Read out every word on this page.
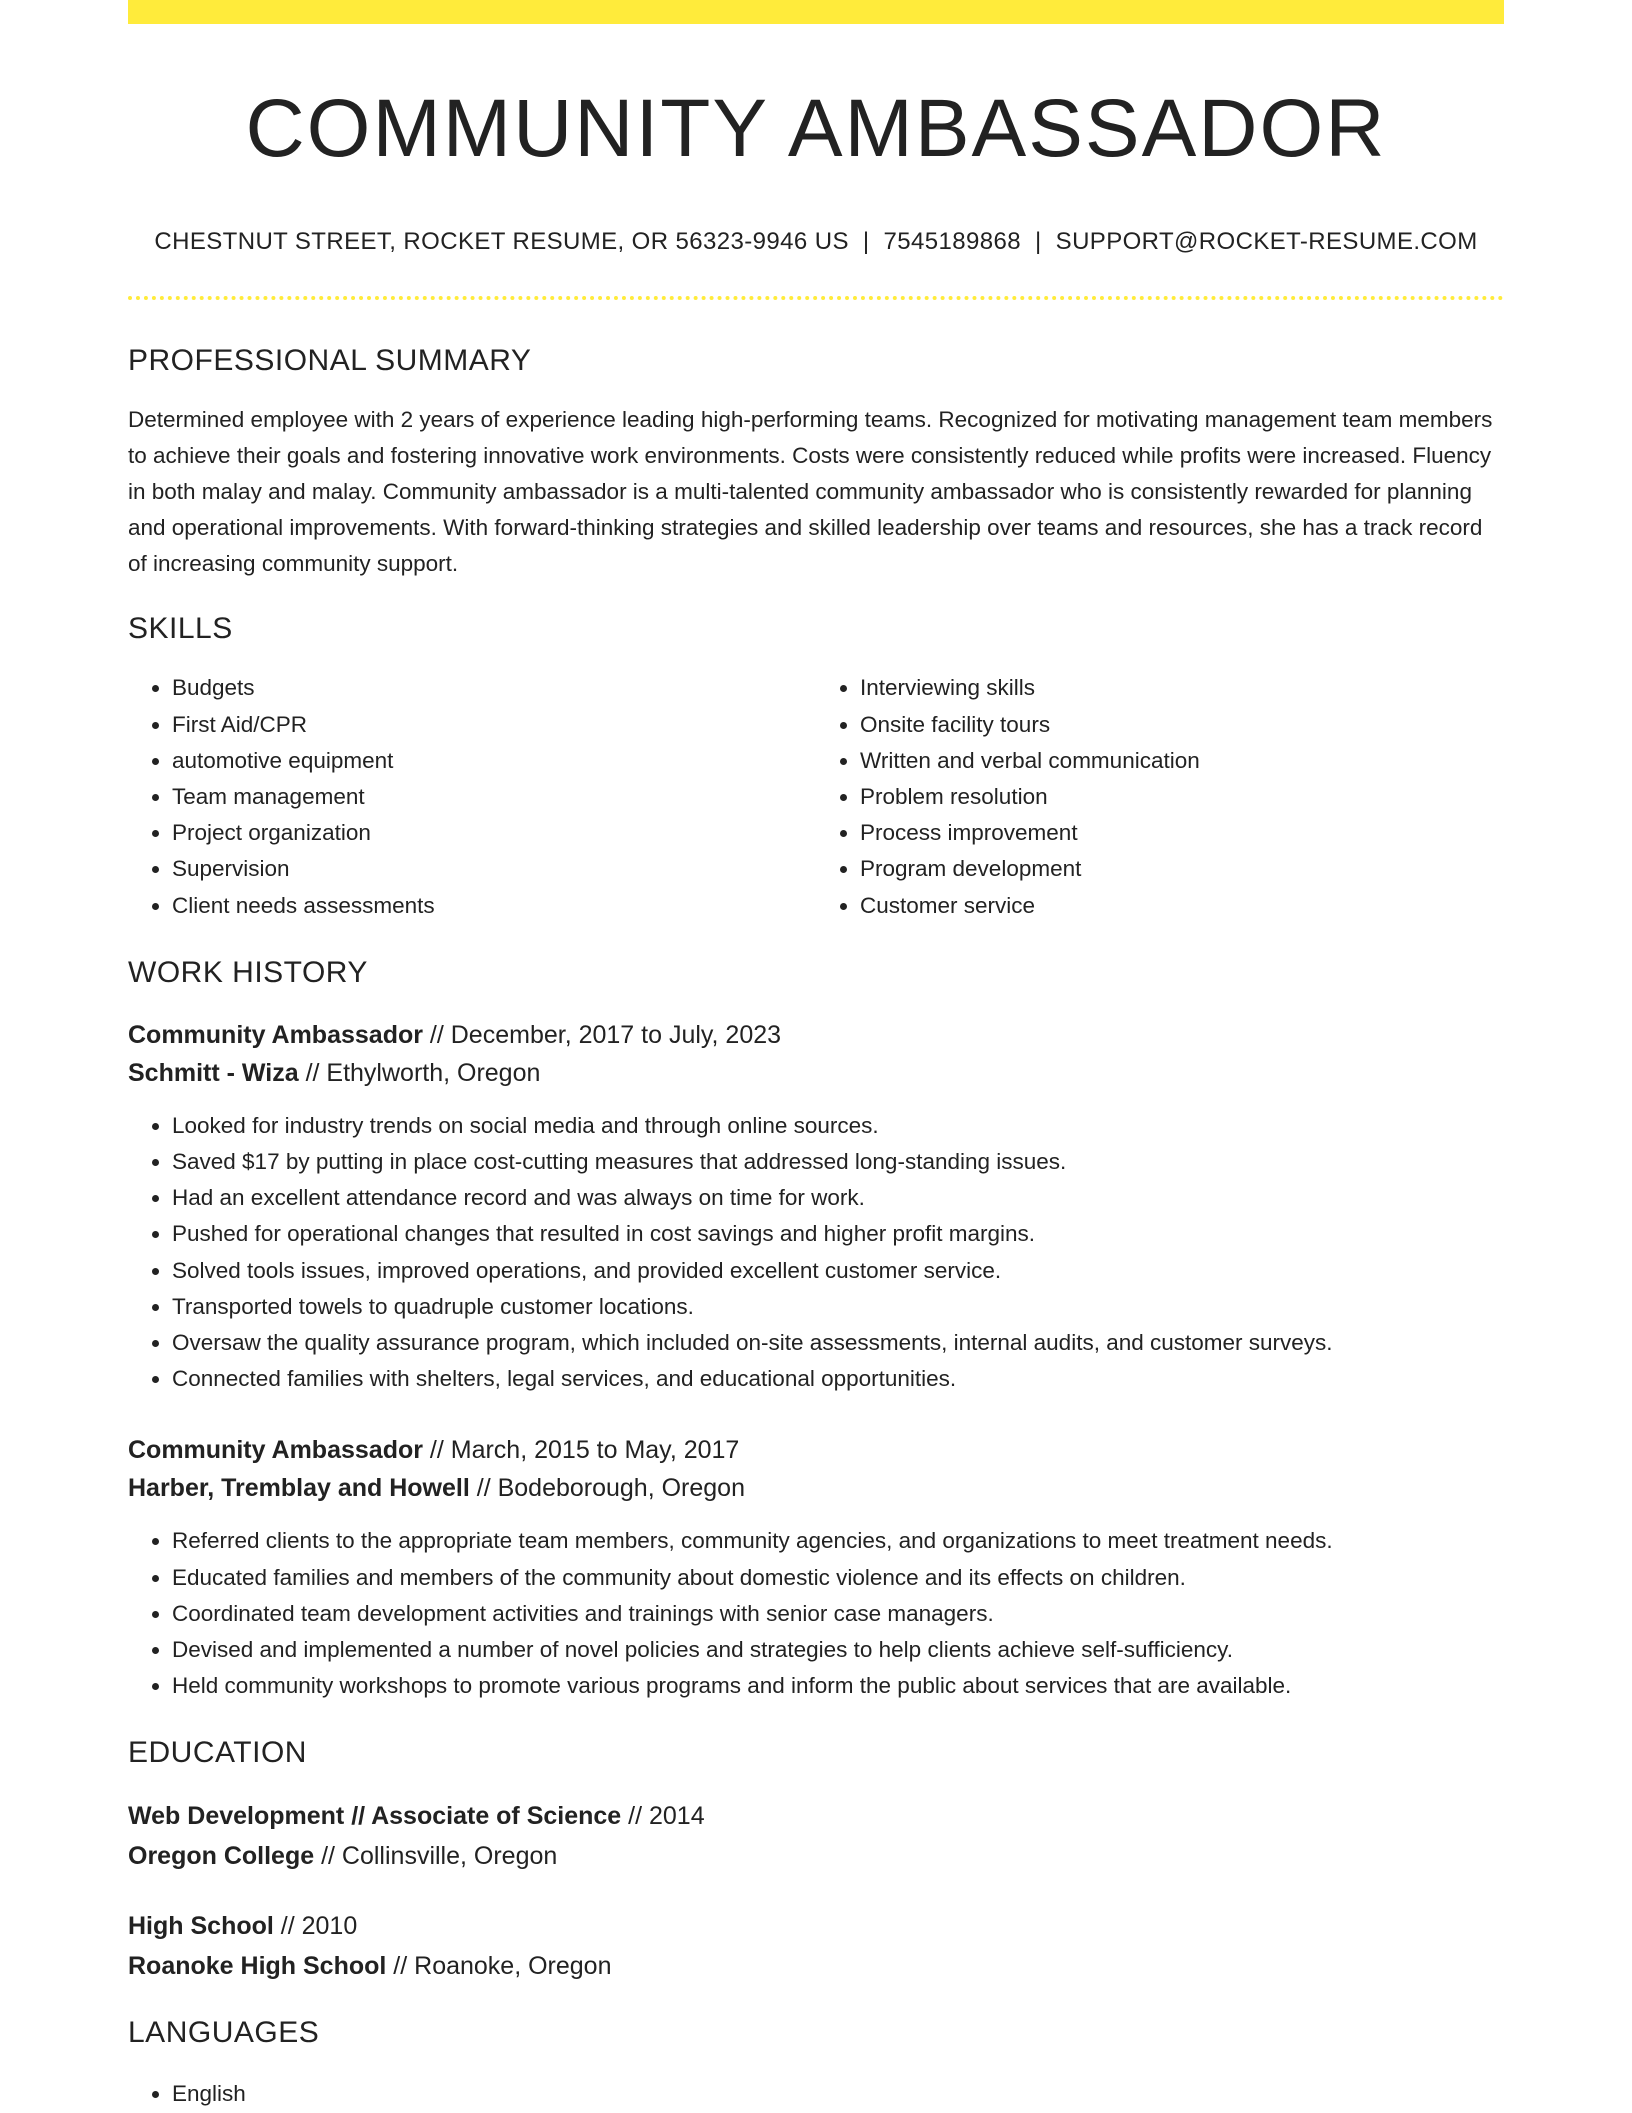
COMMUNITY AMBASSADOR
CHESTNUT STREET, ROCKET RESUME, OR 56323-9946 US | 7545189868 | SUPPORT@ROCKET-RESUME.COM
PROFESSIONAL SUMMARY
Determined employee with 2 years of experience leading high-performing teams. Recognized for motivating management team members to achieve their goals and fostering innovative work environments. Costs were consistently reduced while profits were increased. Fluency in both malay and malay. Community ambassador is a multi-talented community ambassador who is consistently rewarded for planning and operational improvements. With forward-thinking strategies and skilled leadership over teams and resources, she has a track record of increasing community support.
SKILLS
• Budgets
• First Aid/CPR
• automotive equipment
• Team management
• Project organization
• Supervision
• Client needs assessments
• Interviewing skills
• Onsite facility tours
• Written and verbal communication
• Problem resolution
• Process improvement
• Program development
• Customer service
WORK HISTORY
Community Ambassador // December, 2017 to July, 2023
Schmitt - Wiza // Ethylworth, Oregon
• Looked for industry trends on social media and through online sources.
• Saved $17 by putting in place cost-cutting measures that addressed long-standing issues.
• Had an excellent attendance record and was always on time for work.
• Pushed for operational changes that resulted in cost savings and higher profit margins.
• Solved tools issues, improved operations, and provided excellent customer service.
• Transported towels to quadruple customer locations.
• Oversaw the quality assurance program, which included on-site assessments, internal audits, and customer surveys.
• Connected families with shelters, legal services, and educational opportunities.
Community Ambassador // March, 2015 to May, 2017
Harber, Tremblay and Howell // Bodeborough, Oregon
• Referred clients to the appropriate team members, community agencies, and organizations to meet treatment needs.
• Educated families and members of the community about domestic violence and its effects on children.
• Coordinated team development activities and trainings with senior case managers.
• Devised and implemented a number of novel policies and strategies to help clients achieve self-sufficiency.
• Held community workshops to promote various programs and inform the public about services that are available.
EDUCATION
Web Development // Associate of Science // 2014
Oregon College // Collinsville, Oregon
High School // 2010
Roanoke High School // Roanoke, Oregon
LANGUAGES
• English
